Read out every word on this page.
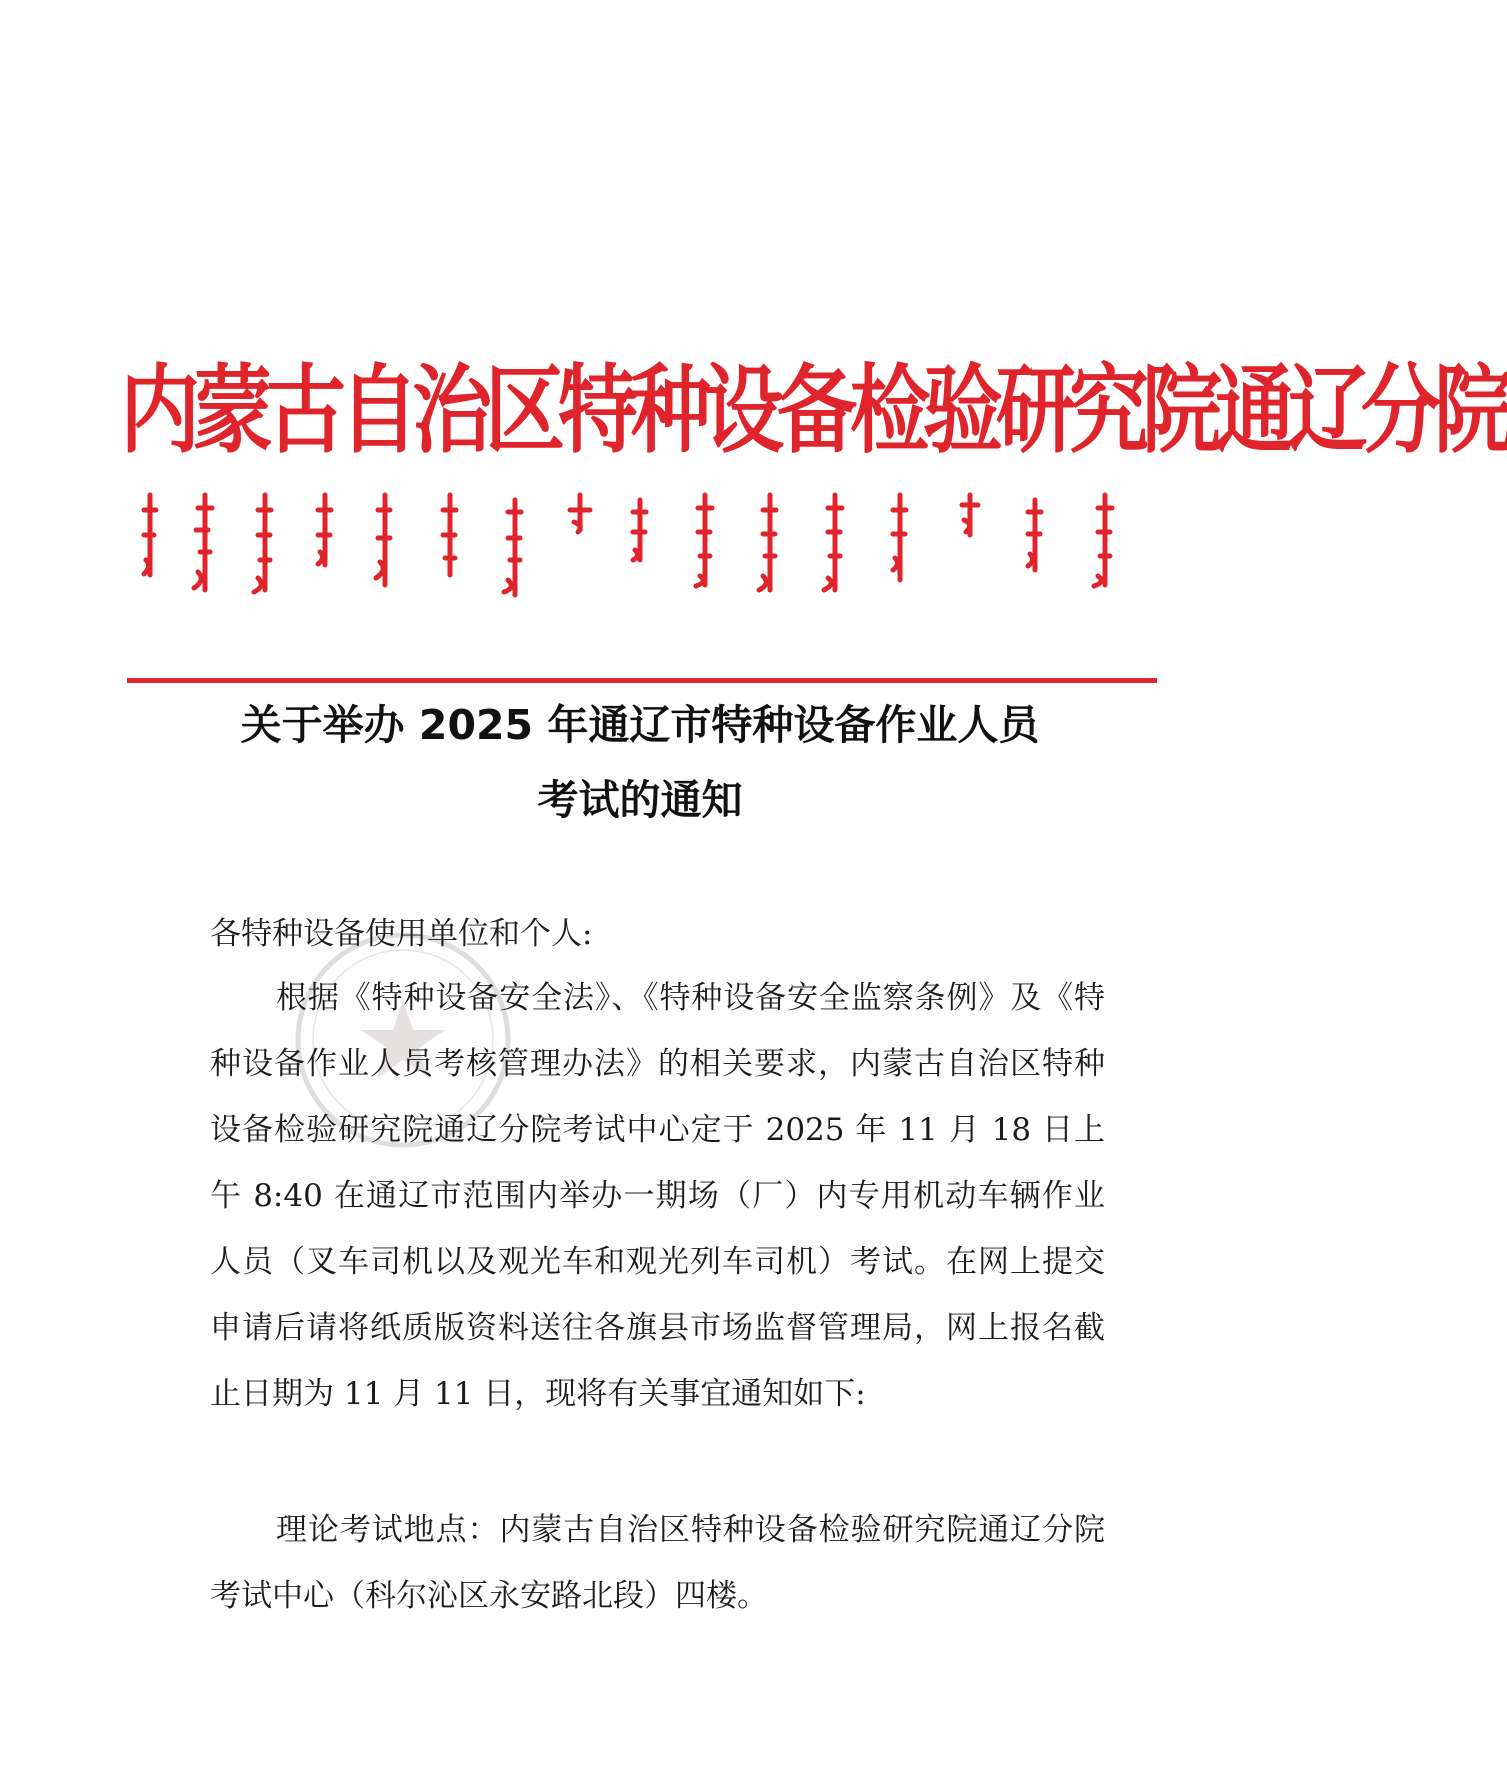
内蒙古自治区特种设备检验研究院通辽分院
关于举办 2025 年通辽市特种设备作业人员
考试的通知
各特种设备使用单位和个人:

根据《特种设备安全法》、《特种设备安全监察条例》及《特种设备作业人员考核管理办法》的相关要求，内蒙古自治区特种设备检验研究院通辽分院考试中心定于 2025 年 11 月 18 日上午 8:40 在通辽市范围内举办一期场（厂）内专用机动车辆作业人员（叉车司机以及观光车和观光列车司机）考试。在网上提交申请后请将纸质版资料送往各旗县市场监督管理局，网上报名截止日期为 11 月 11 日，现将有关事宜通知如下:

理论考试地点：内蒙古自治区特种设备检验研究院通辽分院考试中心（科尔沁区永安路北段）四楼。
